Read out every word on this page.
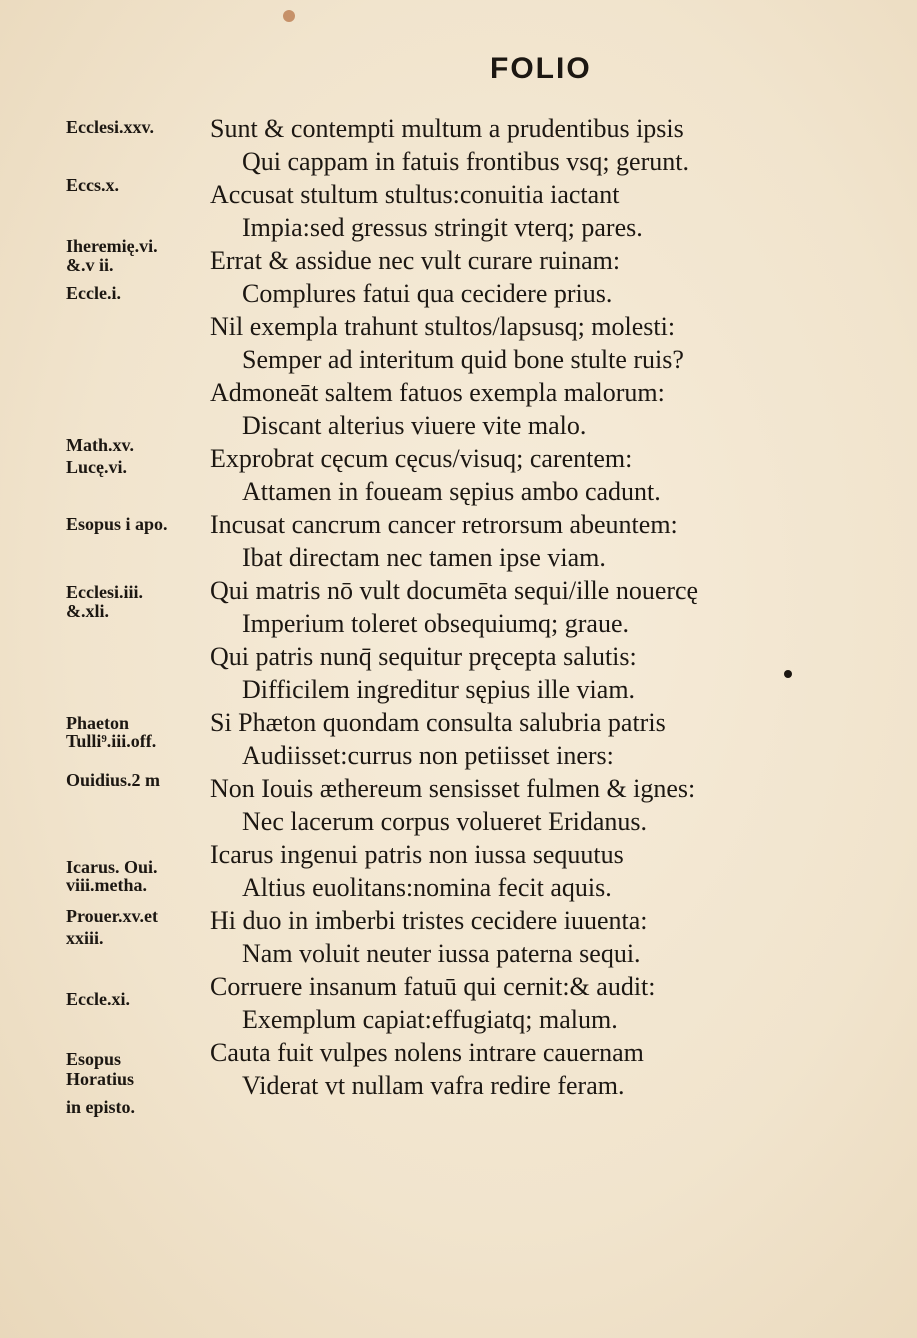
FOLIO
Sunt & contempti multum a prudentibus ipsis
Qui cappam in fatuis frontibus vsq; gerunt.
Accusat stultum stultus:conuitia iactant
Impia:sed gressus stringit vterq; pares.
Errat & assidue nec vult curare ruinam:
Complures fatui qua cecidere prius.
Nil exempla trahunt stultos/lapsusq; molesti:
Semper ad interitum quid bone stulte ruis?
Admoneāt saltem fatuos exempla malorum:
Discant alterius viuere vite malo.
Exprobrat cęcum cęcus/visuq; carentem:
Attamen in foueam sępius ambo cadunt.
Incusat cancrum cancer retrorsum abeuntem:
Ibat directam nec tamen ipse viam.
Qui matris nō vult documēta sequi/ille nouercę
Imperium toleret obsequiumq; graue.
Qui patris nunq̄ sequitur pręcepta salutis:
Difficilem ingreditur sępius ille viam.
Si Phæton quondam consulta salubria patris
Audiisset:currus non petiisset iners:
Non Iouis æthereum sensisset fulmen & ignes:
Nec lacerum corpus volueret Eridanus.
Icarus ingenui patris non iussa sequutus
Altius euolitans:nomina fecit aquis.
Hi duo in imberbi tristes cecidere iuuenta:
Nam voluit neuter iussa paterna sequi.
Corruere insanum fatuū qui cernit:& audit:
Exemplum capiat:effugiatq; malum.
Cauta fuit vulpes nolens intrare cauernam
Viderat vt nullam vafra redire feram.
Ecclesi.xxv.
Eccs.x.
Iheremię.vi.
&.v ii.
Eccle.i.
Math.xv.
Lucę.vi.
Esopus i apo.
Ecclesi.iii.
&.xli.
Phaeton
Tulli⁹.iii.off.
Ouidius.2 m
Icarus. Oui.
viii.metha.
Prouer.xv.et
xxiii.
Eccle.xi.
Esopus
Horatius
in episto.
